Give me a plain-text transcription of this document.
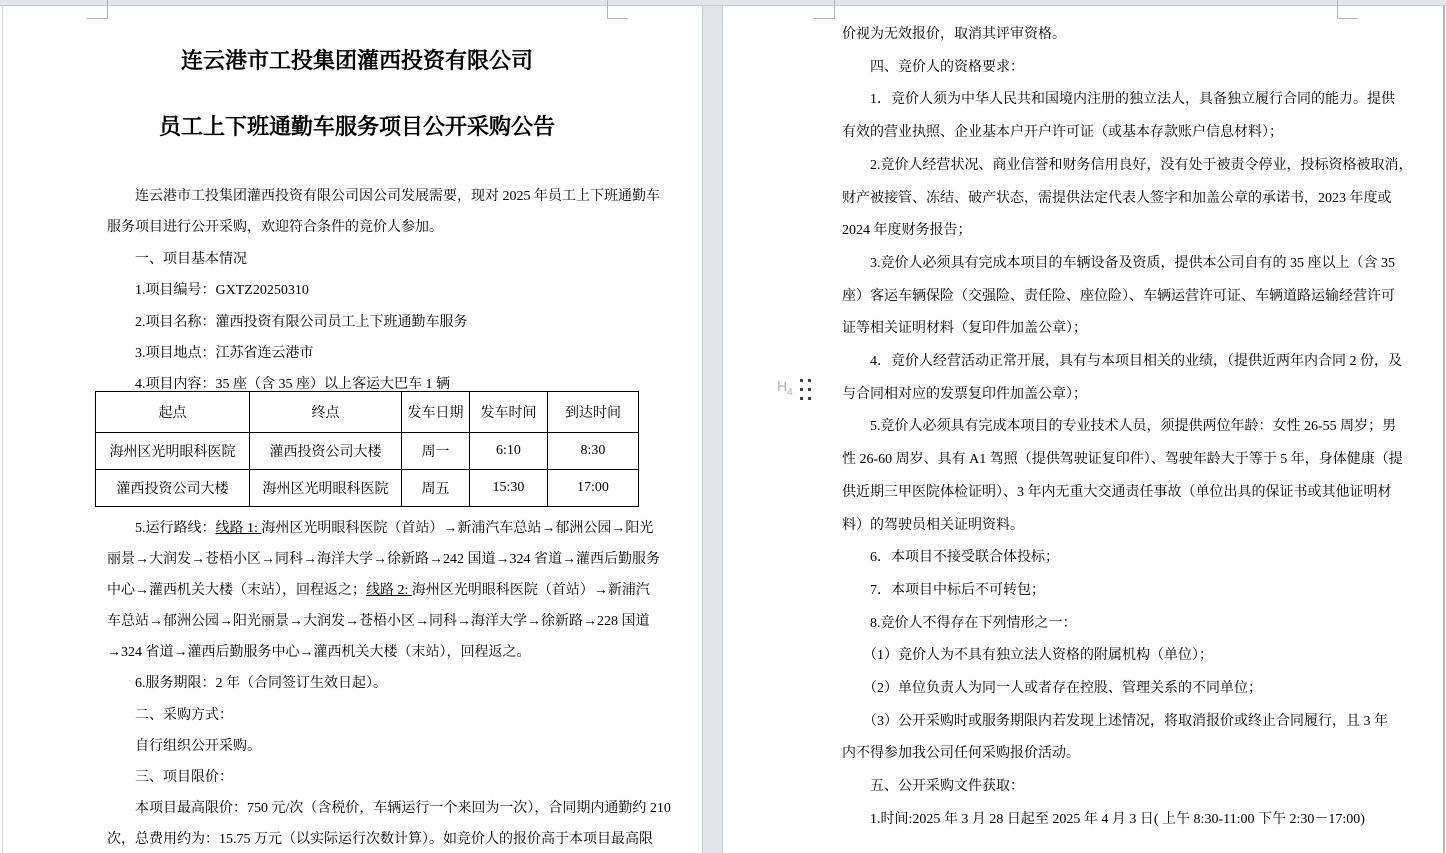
连云港市工投集团灌西投资有限公司
员工上下班通勤车服务项目公开采购公告
　　连云港市工投集团灌西投资有限公司因公司发展需要，现对 2025 年员工上下班通勤车
服务项目进行公开采购，欢迎符合条件的竞价人参加。
　　一、项目基本情况
　　1.项目编号：GXTZ20250310
　　2.项目名称：灌西投资有限公司员工上下班通勤车服务
　　3.项目地点：江苏省连云港市
　　4.项目内容：35 座（含 35 座）以上客运大巴车 1 辆
起点	终点	发车日期	发车时间	到达时间
海州区光明眼科医院	灌西投资公司大楼	周一	6:10	8:30
灌西投资公司大楼	海州区光明眼科医院	周五	15:30	17:00
　　5.运行路线：线路 1: 海州区光明眼科医院（首站）→新浦汽车总站→郁洲公园→阳光
丽景→大润发→苍梧小区→同科→海洋大学→徐新路→242 国道→324 省道→灌西后勤服务
中心→灌西机关大楼（末站），回程返之；线路 2: 海州区光明眼科医院（首站）→新浦汽
车总站→郁洲公园→阳光丽景→大润发→苍梧小区→同科→海洋大学→徐新路→228 国道
→324 省道→灌西后勤服务中心→灌西机关大楼（末站），回程返之。
　　6.服务期限：2 年（合同签订生效日起）。
　　二、采购方式：
　　自行组织公开采购。
　　三、项目限价：
　　本项目最高限价：750 元/次（含税价，车辆运行一个来回为一次），合同期内通勤约 210
次，总费用约为：15.75 万元（以实际运行次数计算）。如竞价人的报价高于本项目最高限
价视为无效报价，取消其评审资格。
　　四、竞价人的资格要求：
　　1．竞价人须为中华人民共和国境内注册的独立法人，具备独立履行合同的能力。提供
有效的营业执照、企业基本户开户许可证（或基本存款账户信息材料）；
　　2.竞价人经营状况、商业信誉和财务信用良好，没有处于被责令停业，投标资格被取消，
财产被接管、冻结、破产状态，需提供法定代表人签字和加盖公章的承诺书，2023 年度或
2024 年度财务报告；
　　3.竞价人必须具有完成本项目的车辆设备及资质，提供本公司自有的 35 座以上（含 35
座）客运车辆保险（交强险、责任险、座位险）、车辆运营许可证、车辆道路运输经营许可
证等相关证明材料（复印件加盖公章）；
　　4．竞价人经营活动正常开展，具有与本项目相关的业绩，（提供近两年内合同 2 份，及
与合同相对应的发票复印件加盖公章）；
　　5.竞价人必须具有完成本项目的专业技术人员，须提供两位年龄：女性 26-55 周岁；男
性 26-60 周岁、具有 A1 驾照（提供驾驶证复印件）、驾驶年龄大于等于 5 年，身体健康（提
供近期三甲医院体检证明）、3 年内无重大交通责任事故（单位出具的保证书或其他证明材
料）的驾驶员相关证明资料。
　　6．本项目不接受联合体投标；
　　7．本项目中标后不可转包；
　　8.竞价人不得存在下列情形之一：
　　（1）竞价人为不具有独立法人资格的附属机构（单位）；
　　（2）单位负责人为同一人或者存在控股、管理关系的不同单位；
　　（3）公开采购时或服务期限内若发现上述情况，将取消报价或终止合同履行，且 3 年
内不得参加我公司任何采购报价活动。
　　五、公开采购文件获取：
　　1.时间:2025 年 3 月 28 日起至 2025 年 4 月 3 日( 上午 8:30-11:00 下午 2:30－17:00)
$H_4$
